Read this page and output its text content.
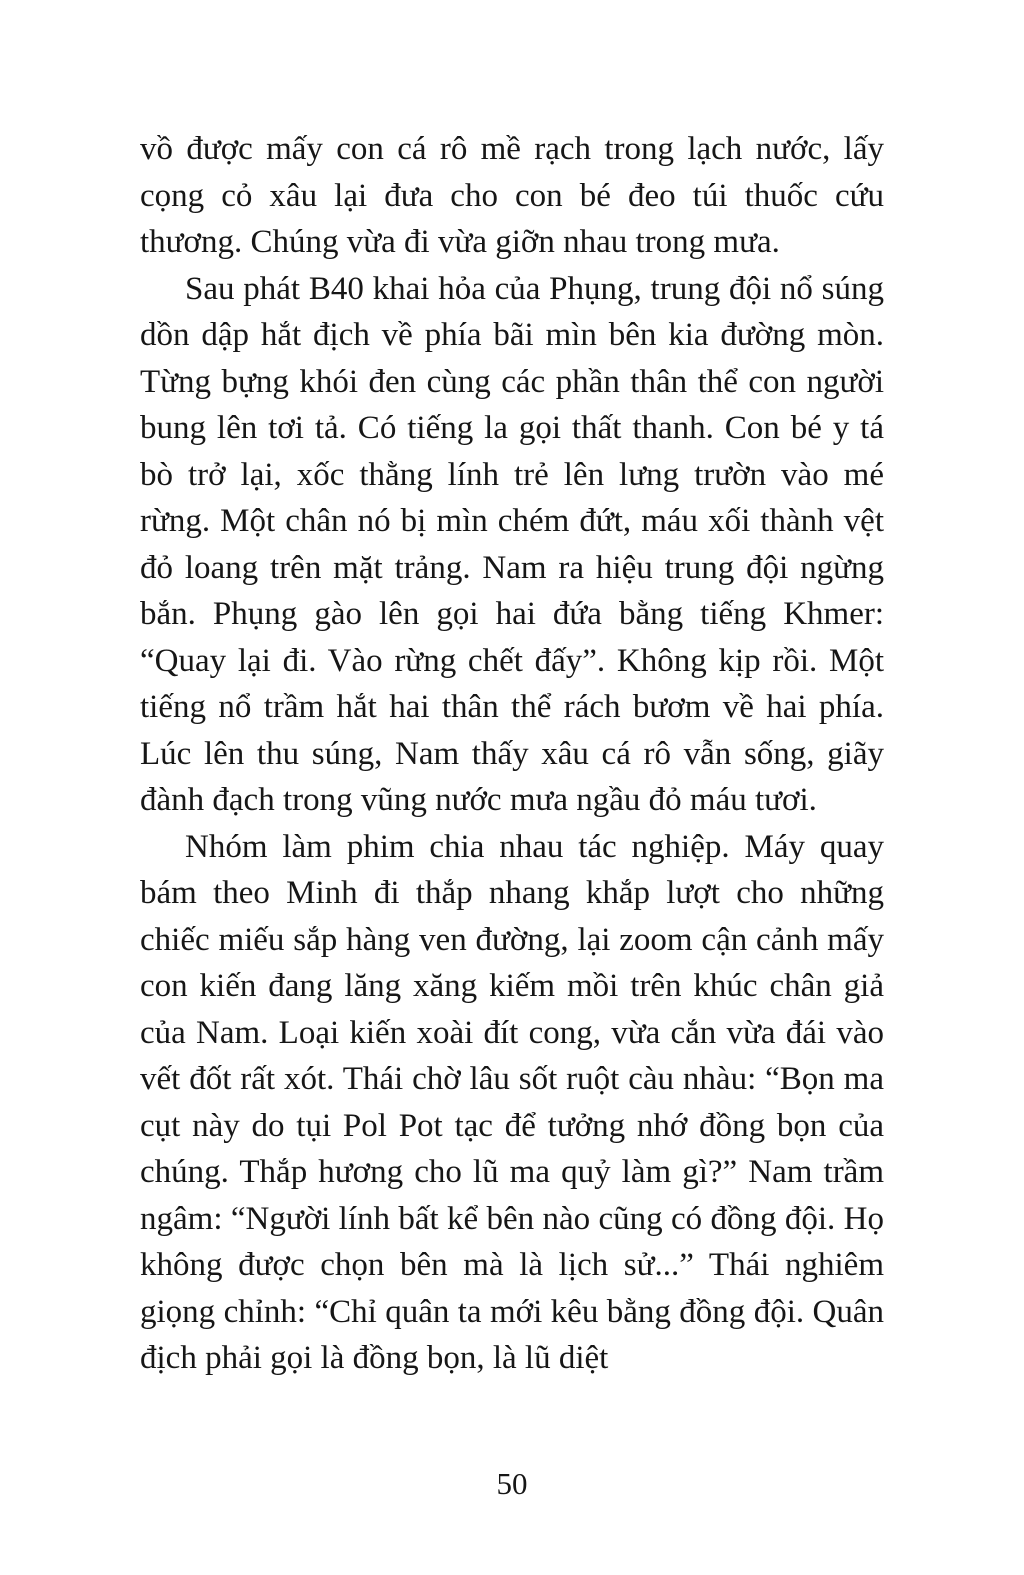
vồ được mấy con cá rô mề rạch trong lạch nước, lấy cọng cỏ xâu lại đưa cho con bé đeo túi thuốc cứu thương. Chúng vừa đi vừa giỡn nhau trong mưa.

Sau phát B40 khai hỏa của Phụng, trung đội nổ súng dồn dập hắt địch về phía bãi mìn bên kia đường mòn. Từng bựng khói đen cùng các phần thân thể con người bung lên tơi tả. Có tiếng la gọi thất thanh. Con bé y tá bò trở lại, xốc thằng lính trẻ lên lưng trườn vào mé rừng. Một chân nó bị mìn chém đứt, máu xối thành vệt đỏ loang trên mặt trảng. Nam ra hiệu trung đội ngừng bắn. Phụng gào lên gọi hai đứa bằng tiếng Khmer: “Quay lại đi. Vào rừng chết đấy”. Không kịp rồi. Một tiếng nổ trầm hắt hai thân thể rách bươm về hai phía. Lúc lên thu súng, Nam thấy xâu cá rô vẫn sống, giãy đành đạch trong vũng nước mưa ngầu đỏ máu tươi.

Nhóm làm phim chia nhau tác nghiệp. Máy quay bám theo Minh đi thắp nhang khắp lượt cho những chiếc miếu sắp hàng ven đường, lại zoom cận cảnh mấy con kiến đang lăng xăng kiếm mồi trên khúc chân giả của Nam. Loại kiến xoài đít cong, vừa cắn vừa đái vào vết đốt rất xót. Thái chờ lâu sốt ruột càu nhàu: “Bọn ma cụt này do tụi Pol Pot tạc để tưởng nhớ đồng bọn của chúng. Thắp hương cho lũ ma quỷ làm gì?” Nam trầm ngâm: “Người lính bất kể bên nào cũng có đồng đội. Họ không được chọn bên mà là lịch sử...” Thái nghiêm giọng chỉnh: “Chỉ quân ta mới kêu bằng đồng đội. Quân địch phải gọi là đồng bọn, là lũ diệt

50
